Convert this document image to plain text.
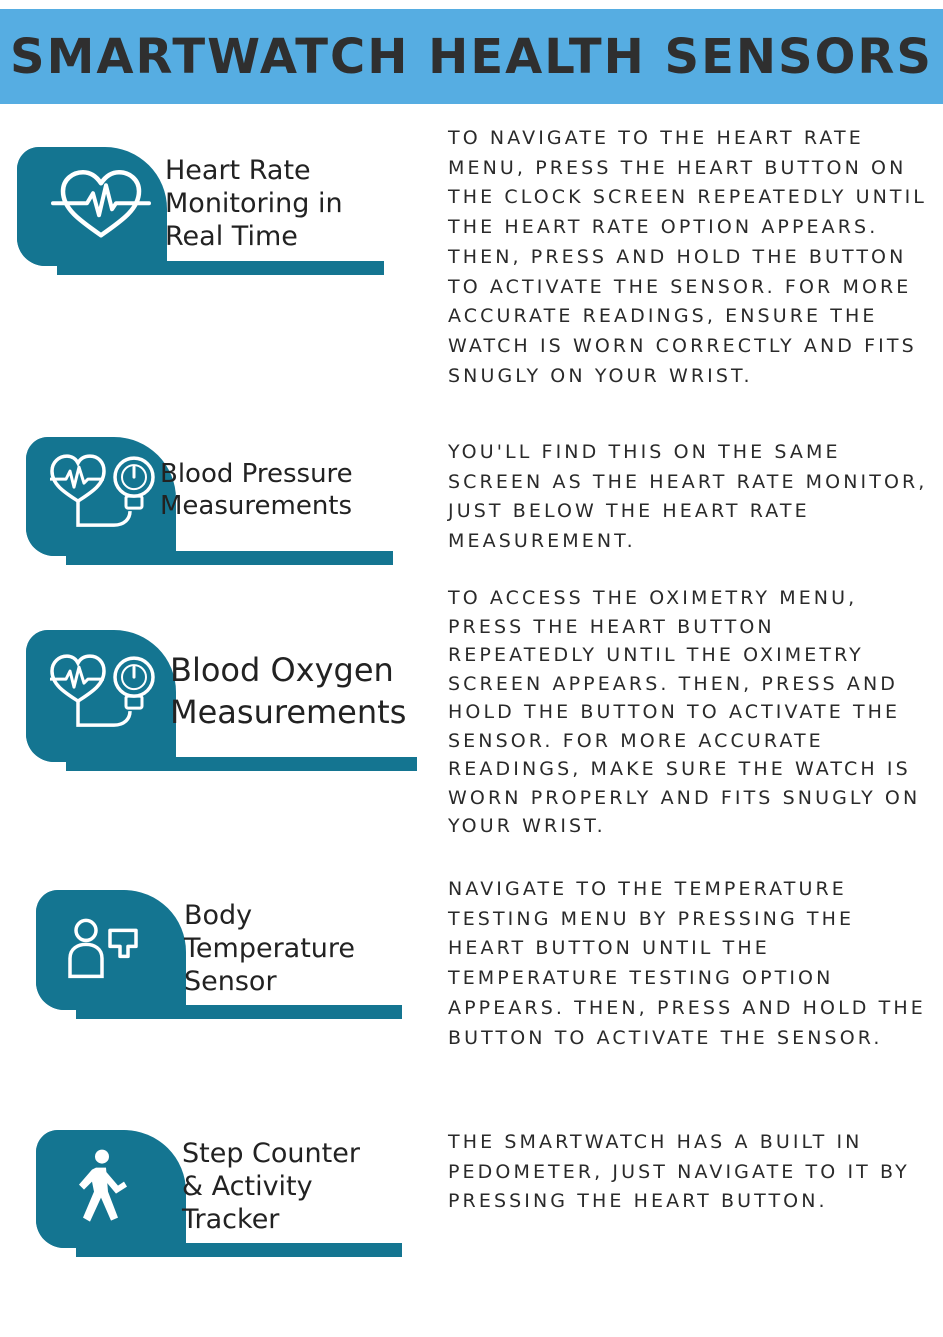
SMARTWATCH HEALTH SENSORS
Heart Rate
Monitoring in
Real Time
TO NAVIGATE TO THE HEART RATE MENU, PRESS THE HEART BUTTON ON THE CLOCK SCREEN REPEATEDLY UNTIL THE HEART RATE OPTION APPEARS. THEN, PRESS AND HOLD THE BUTTON TO ACTIVATE THE SENSOR. FOR MORE ACCURATE READINGS, ENSURE THE WATCH IS WORN CORRECTLY AND FITS SNUGLY ON YOUR WRIST.
Blood Pressure
Measurements
YOU'LL FIND THIS ON THE SAME SCREEN AS THE HEART RATE MONITOR, JUST BELOW THE HEART RATE MEASUREMENT.
Blood Oxygen
Measurements
TO ACCESS THE OXIMETRY MENU, PRESS THE HEART BUTTON REPEATEDLY UNTIL THE OXIMETRY SCREEN APPEARS. THEN, PRESS AND HOLD THE BUTTON TO ACTIVATE THE SENSOR. FOR MORE ACCURATE READINGS, MAKE SURE THE WATCH IS WORN PROPERLY AND FITS SNUGLY ON YOUR WRIST.
Body
Temperature
Sensor
NAVIGATE TO THE TEMPERATURE TESTING MENU BY PRESSING THE HEART BUTTON UNTIL THE TEMPERATURE TESTING OPTION APPEARS. THEN, PRESS AND HOLD THE BUTTON TO ACTIVATE THE SENSOR.
Step Counter
& Activity
Tracker
THE SMARTWATCH HAS A BUILT IN PEDOMETER, JUST NAVIGATE TO IT BY PRESSING THE HEART BUTTON.
